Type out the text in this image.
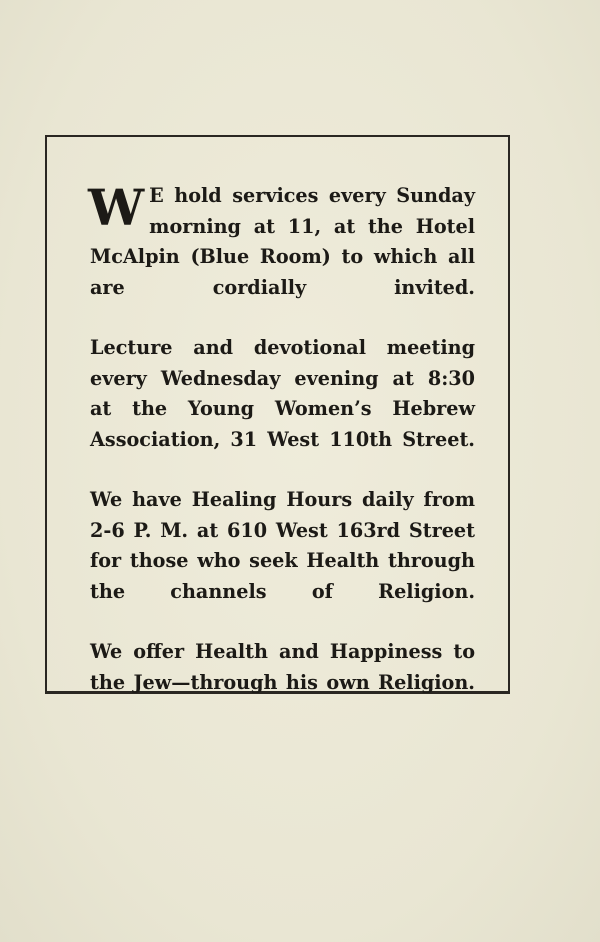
W E hold services every Sunday
morning at 11, at the Hotel
McAlpin (Blue Room) to which all
are cordially invited.
Lecture and devotional meeting
every Wednesday evening at 8:30
at the Young Women’s Hebrew
Association, 31 West 110th Street.
We have Healing Hours daily from
2-6 P. M. at 610 West 163rd Street
for those who seek Health through
the channels of Religion.
We offer Health and Happiness to
the Jew—through his own Religion.
